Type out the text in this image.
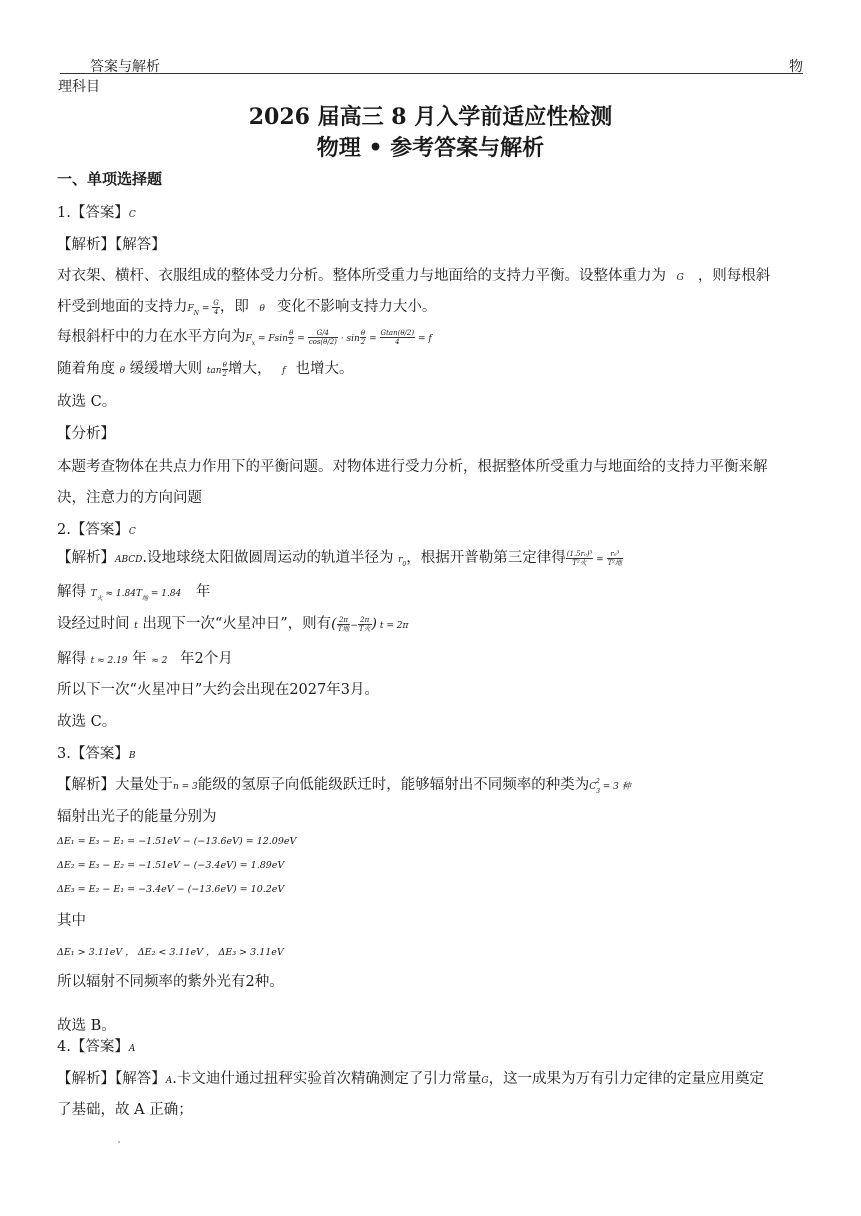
答案与解析	物
理科目
2026 届高三 8 月入学前适应性检测
物理 • 参考答案与解析
一、单项选择题
1.【答案】C
【解析】【解答】
对衣架、横杆、衣服组成的整体受力分析。整体所受重力与地面给的支持力平衡。设整体重力为 G ，则每根斜
杆受到地面的支持力$F_N = \frac{G}{4}$ ，即 θ 变化不影响支持力大小。
每根斜杆中的力在水平方向为$F_x = Fsin \frac{\theta}{2} = \frac{G/4}{\cos(\theta/2)} \cdot \sin \frac{\theta}{2} = \frac{Gtan(\theta/2)}{4} = f$
随着角度 θ 缓缓增大则 $\tan \frac{\theta}{2}$ 增大， f 也增大。
故选 C。
【分析】
本题考查物体在共点力作用下的平衡问题。对物体进行受力分析，根据整体所受重力与地面给的支持力平衡来解
决，注意力的方向问题
2.【答案】C
【解析】ABCD.设地球绕太阳做圆周运动的轨道半径为 $r_0$，根据开普勒第三定律得 $\frac{\text{(1.5r₀)³}}{\text{T²火}} = \frac{\text{r₀³}}{\text{T²地}}$
解得 $T_火 \approx 1.84T_地 = 1.84$ 年
设经过时间 t 出现下一次“火星冲日”，则有( $\frac{2\pi}{\text{T地}} - \frac{2\pi}{\text{T火}}$ ) t = 2π
解得 t ≈ 2.19 年 ≈ 2 年2个月
所以下一次“火星冲日”大约会出现在2027年3月。
故选 C。
3.【答案】B
【解析】大量处于n = 3能级的氢原子向低能级跃迁时，能够辐射出不同频率的种类为$C_3^2 = 3$ 种
辐射出光子的能量分别为
ΔE₁ = E₃ − E₁ = −1.51eV − (−13.6eV) = 12.09eV
ΔE₂ = E₃ − E₂ = −1.51eV − (−3.4eV) = 1.89eV
ΔE₃ = E₂ − E₁ = −3.4eV − (−13.6eV) = 10.2eV
其中
ΔE₁ > 3.11eV ， ΔE₂ < 3.11eV ， ΔE₃ > 3.11eV
所以辐射不同频率的紫外光有2种。
故选 B。
4.【答案】A
【解析】【解答】A.卡文迪什通过扭秤实验首次精确测定了引力常量G，这一成果为万有引力定律的定量应用奠定
了基础，故 A 正确；
